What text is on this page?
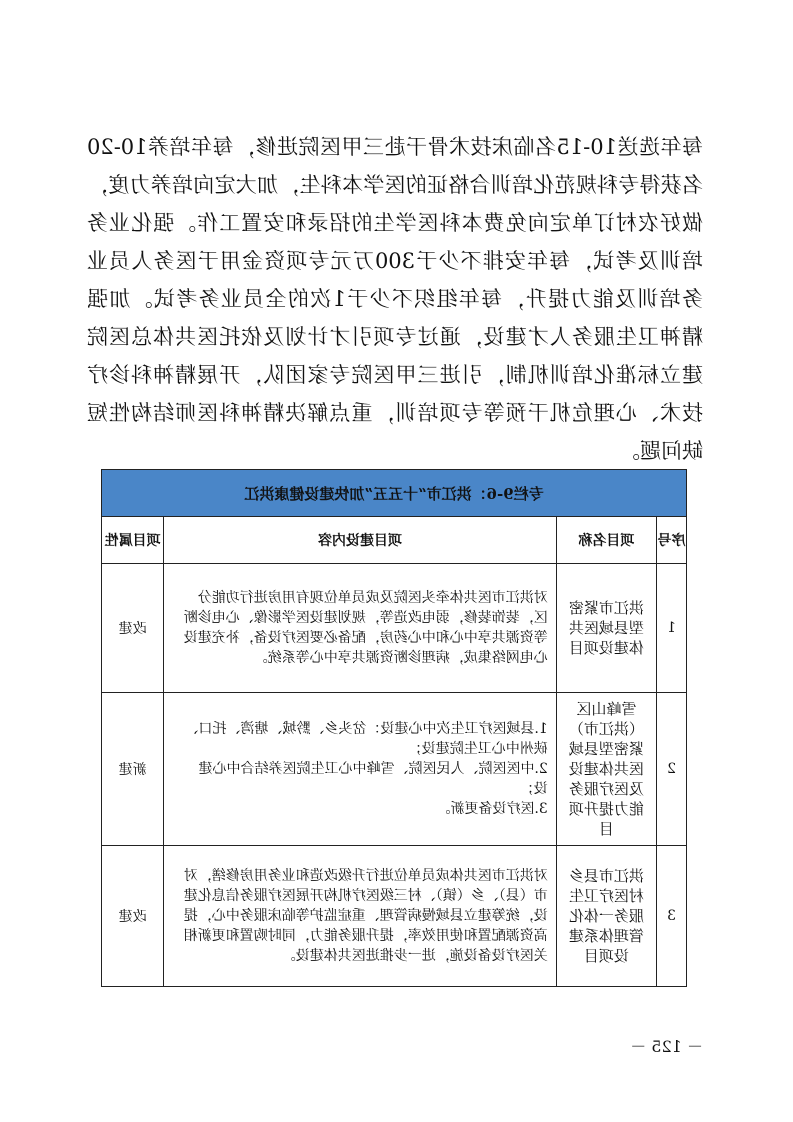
每年选送10-15名临床技术骨干赴三甲医院进修，每年培养10-20
名获得专科规范化培训合格证的医学本科生，加大定向培养力度，
做好农村订单定向免费本科医学生的招录和安置工作。强化业务
培训及考试，每年安排不少于300万元专项资金用于医务人员业
务培训及能力提升，每年组织不少于1次的全员业务考试。加强
精神卫生服务人才建设，通过专项引才计划及依托医共体总医院
建立标准化培训机制，引进三甲医院专家团队，开展精神科诊疗
技术、心理危机干预等专项培训，重点解决精神科医师结构性短
缺问题。
专栏9-6：洪江市“十五五”加快建设健康洪江			
序号	项目名称	项目建设内容	项目属性
1	洪江市紧密型县域医共体建设项目	对洪江市医共体牵头医院及成员单位现有用房进行功能分区，装饰装修，弱电改造等，规划建设医学影像、心电诊断等资源共享中心和中心药房，配备必要医疗设备，补充建设心电网络集成，病理诊断资源共享中心等系统。	改建
2	雪峰山区（洪江市）紧密型县域医共体建设及医疗服务能力提升项目	1.县域医疗卫生次中心建设：岔头乡、黔城、塘湾、托口、硖州中心卫生院建设；
2.中医医院、人民医院、雪峰中心卫生院医养结合中心建设；
3.医疗设备更新。	新建
3	洪江市县乡村医疗卫生服务一体化管理体系建设项目	对洪江市医共体成员单位进行升级改造和业务用房修缮，对市（县）、乡（镇）、村三级医疗机构开展医疗服务信息化建设，统筹建立县域慢病管理、重症监护等临床服务中心，提高资源配置和使用效率，提升服务能力，同时购置和更新相关医疗设备设施，进一步推进医共体建设。	改建
－ 125 －
